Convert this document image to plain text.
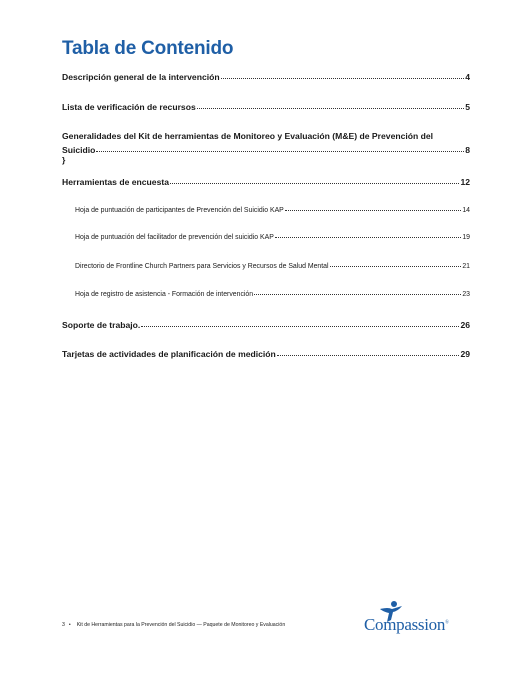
Tabla de Contenido
Descripción general de la intervención	4
Lista de verificación de recursos	5
Generalidades del Kit de herramientas de Monitoreo y Evaluación (M&E) de Prevención del
Suicidio	8
}
Herramientas de encuesta	12
Hoja de puntuación de participantes de Prevención del Suicidio KAP	14
Hoja de puntuación del facilitador de prevención del suicidio KAP	19
Directorio de Frontline Church Partners para Servicios y Recursos de Salud Mental	21
Hoja de registro de asistencia - Formación de intervención	23
Soporte de trabajo.	26
Tarjetas de actividades de planificación de medición	29
3 • Kit de Herramientas para la Prevención del Suicidio — Paquete de Monitoreo y Evaluación	Compassion®
